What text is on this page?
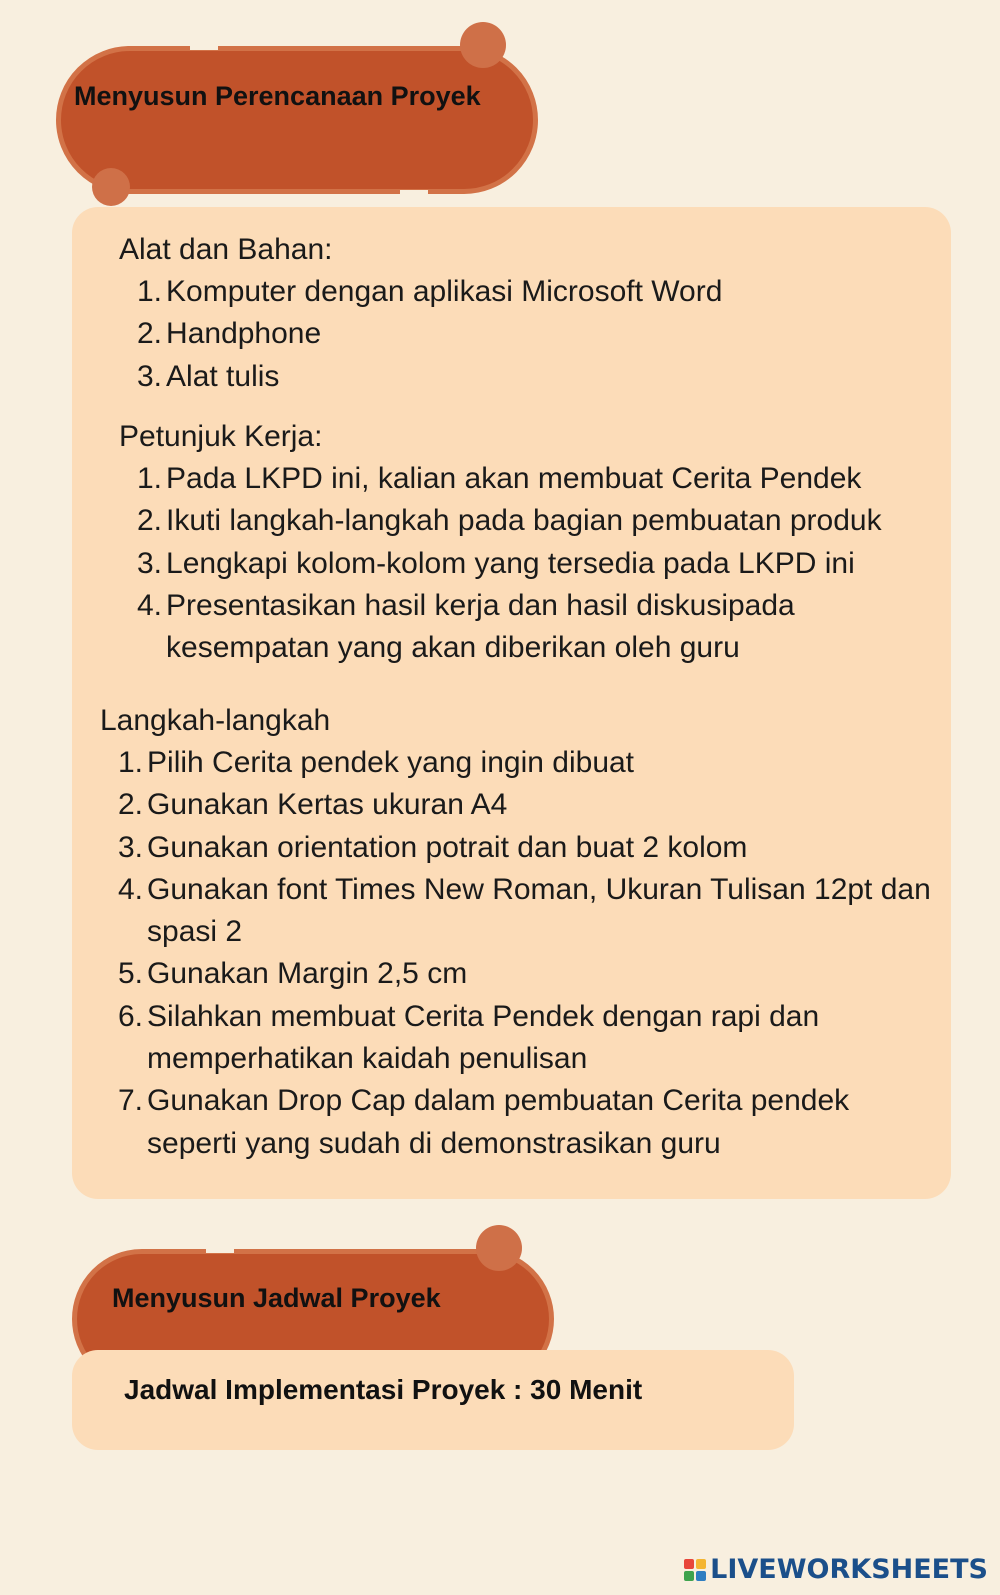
Menyusun Perencanaan Proyek
Alat dan Bahan:
1. Komputer dengan aplikasi Microsoft Word
2. Handphone
3. Alat tulis
Petunjuk Kerja:
1. Pada LKPD ini, kalian akan membuat Cerita Pendek
2. Ikuti langkah-langkah pada bagian pembuatan produk
3. Lengkapi kolom-kolom yang tersedia pada LKPD ini
4. Presentasikan hasil kerja dan hasil diskusipada kesempatan yang akan diberikan oleh guru
Langkah-langkah
1. Pilih Cerita pendek yang ingin dibuat
2. Gunakan Kertas ukuran A4
3. Gunakan orientation potrait dan buat 2 kolom
4. Gunakan font Times New Roman, Ukuran Tulisan 12pt dan spasi 2
5. Gunakan Margin 2,5 cm
6. Silahkan membuat Cerita Pendek dengan rapi dan memperhatikan kaidah penulisan
7. Gunakan Drop Cap dalam pembuatan Cerita pendek seperti yang sudah di demonstrasikan guru
Menyusun Jadwal Proyek
Jadwal Implementasi Proyek : 30 Menit
LIVEWORKSHEETS
